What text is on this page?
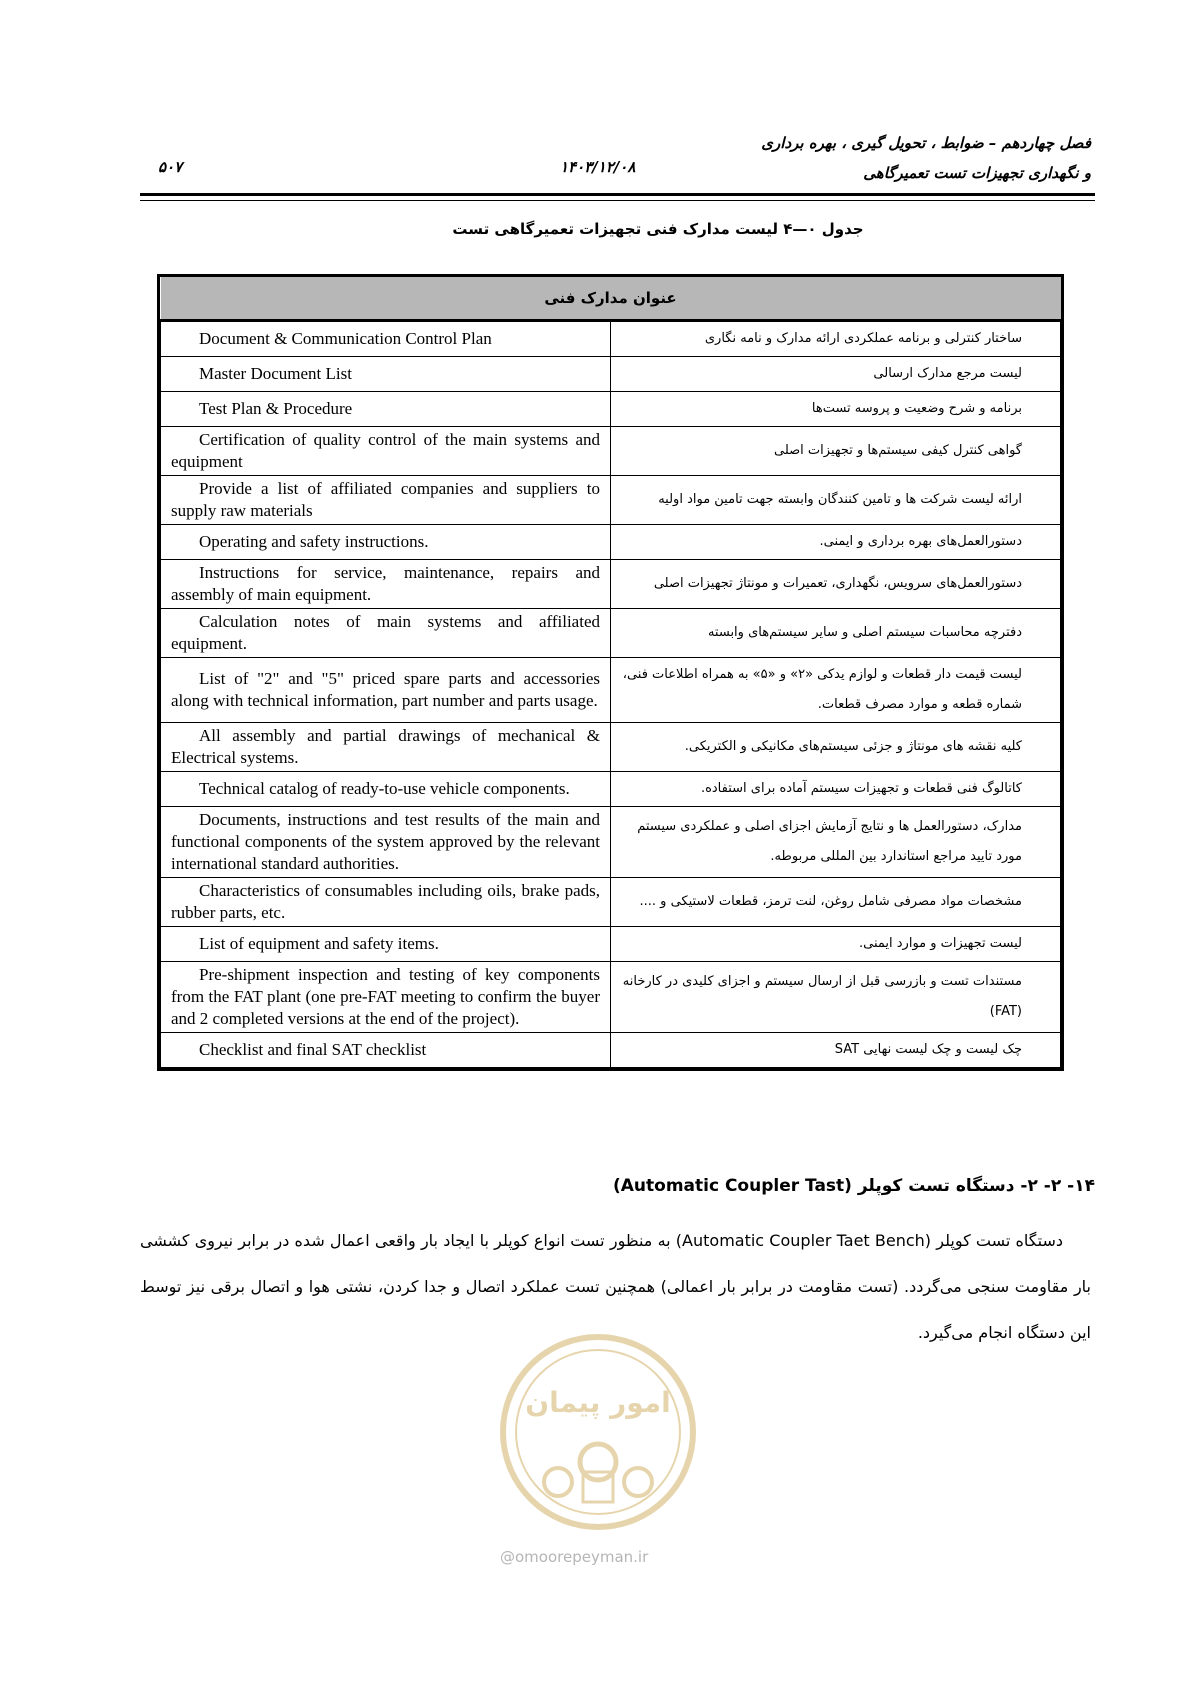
فصل چهاردهم – ضوابط ، تحویل گیری ، بهره برداری
و نگهداری تجهیزات تست تعمیرگاهی
۱۴۰۳/۱۲/۰۸
۵۰۷
جدول ۰—۴ لیست مدارک فنی تجهیزات تعمیرگاهی تست
عنوان مدارک فنی	
Document & Communication Control Plan	ساختار کنترلی و برنامه عملکردی ارائه مدارک و نامه نگاری
Master Document List	لیست مرجع مدارک ارسالی
Test Plan & Procedure	برنامه و شرح وضعیت و پروسه تست‌ها
Certification of quality control of the main systems and equipment	گواهی کنترل کیفی سیستم‌ها و تجهیزات اصلی
Provide a list of affiliated companies and suppliers to supply raw materials	ارائه لیست شرکت ها و تامین کنندگان وابسته جهت تامین مواد اولیه
Operating and safety instructions.	دستورالعمل‌های بهره برداری و ایمنی.
Instructions for service, maintenance, repairs and assembly of main equipment.	دستورالعمل‌های سرویس، نگهداری، تعمیرات و مونتاژ تجهیزات اصلی
Calculation notes of main systems and affiliated equipment.	دفترچه محاسبات سیستم اصلی و سایر سیستم‌های وابسته
List of "2" and "5" priced spare parts and accessories along with technical information, part number and parts usage.	لیست قیمت دار قطعات و لوازم یدکی «۲» و «۵» به همراه اطلاعات فنی، شماره قطعه و موارد مصرف قطعات.
All assembly and partial drawings of mechanical & Electrical systems.	کلیه نقشه های مونتاژ و جزئی سیستم‌های مکانیکی و الکتریکی.
Technical catalog of ready-to-use vehicle components.	کاتالوگ فنی قطعات و تجهیزات سیستم آماده برای استفاده.
Documents, instructions and test results of the main and functional components of the system approved by the relevant international standard authorities.	مدارک، دستورالعمل ها و نتایج آزمایش اجزای اصلی و عملکردی سیستم مورد تایید مراجع استاندارد بین المللی مربوطه.
Characteristics of consumables including oils, brake pads, rubber parts, etc.	مشخصات مواد مصرفی شامل روغن، لنت ترمز، قطعات لاستیکی و ....
List of equipment and safety items.	لیست تجهیزات و موارد ایمنی.
Pre-shipment inspection and testing of key components from the FAT plant (one pre-FAT meeting to confirm the buyer and 2 completed versions at the end of the project).	مستندات تست و بازرسی قبل از ارسال سیستم و اجزای کلیدی در کارخانه (FAT)
Checklist and final SAT checklist	چک لیست و چک لیست نهایی SAT
۱۴- ۲- ۲- دستگاه تست کوپلر (Automatic Coupler Tast)
دستگاه تست کوپلر (Automatic Coupler Taet Bench) به منظور تست انواع کوپلر با ایجاد بار واقعی اعمال شده در برابر نیروی کششی بار مقاومت سنجی می‌گردد. (تست مقاومت در برابر بار اعمالی) همچنین تست عملکرد اتصال و جدا کردن، نشتی هوا و اتصال برقی نیز توسط این دستگاه انجام می‌گیرد.
امور پیمان
@omoorepeyman.ir
